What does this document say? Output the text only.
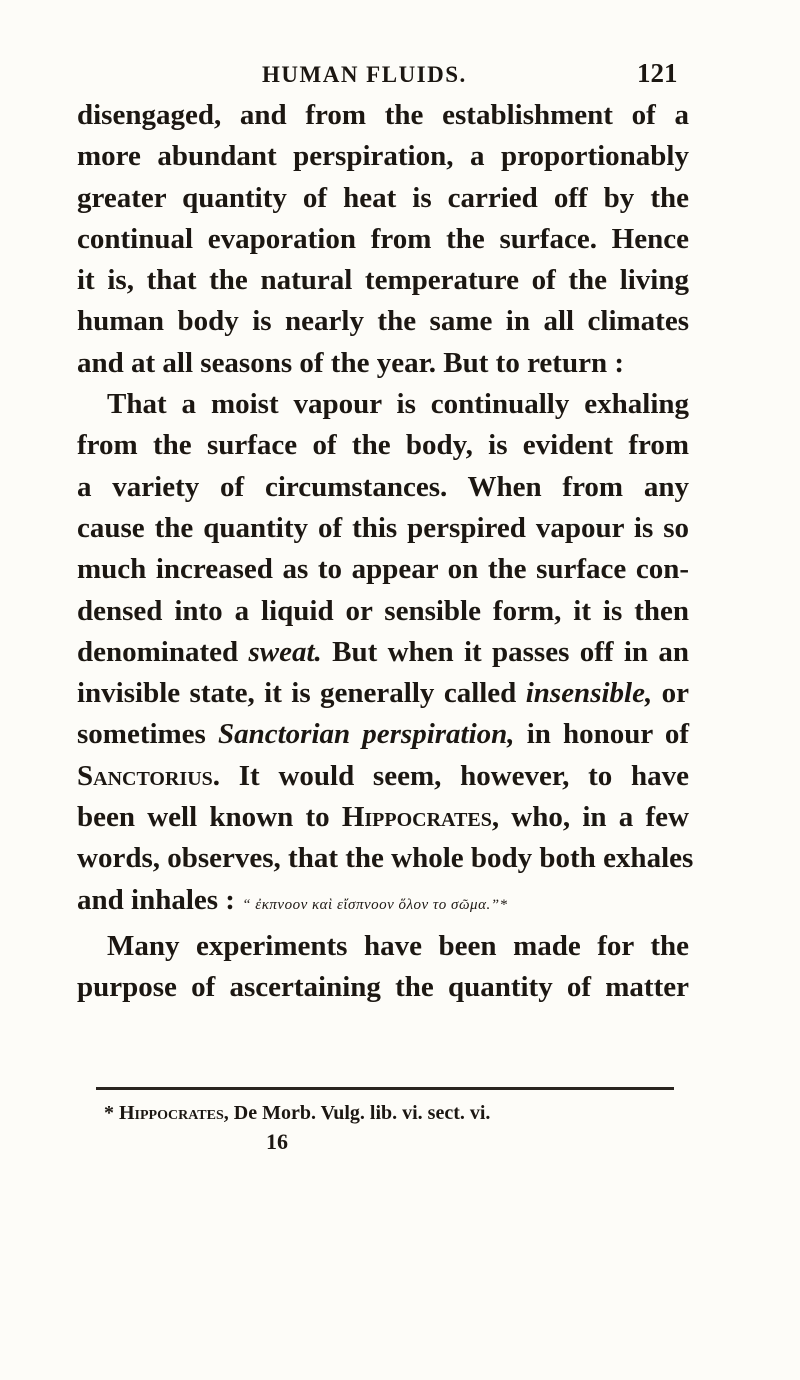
HUMAN FLUIDS.	121
disengaged, and from the establishment of a
more abundant perspiration, a proportionably
greater quantity of heat is carried off by the
continual evaporation from the surface. Hence
it is, that the natural temperature of the living
human body is nearly the same in all climates
and at all seasons of the year. But to return :
That a moist vapour is continually exhaling
from the surface of the body, is evident from
a variety of circumstances. When from any
cause the quantity of this perspired vapour is so
much increased as to appear on the surface con-
densed into a liquid or sensible form, it is then
denominated sweat. But when it passes off in an
invisible state, it is generally called insensible, or
sometimes Sanctorian perspiration, in honour of
Sanctorius. It would seem, however, to have
been well known to Hippocrates, who, in a few
words, observes, that the whole body both exhales
and inhales : “ ἐκπνοον καὶ εἴσπνοον ὅλον το σῶμα.”*
Many experiments have been made for the
purpose of ascertaining the quantity of matter
* Hippocrates, De Morb. Vulg. lib. vi. sect. vi.
16
